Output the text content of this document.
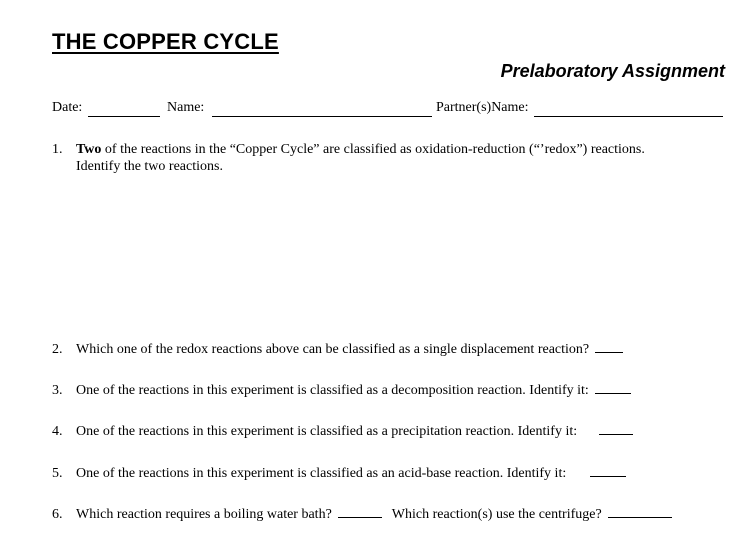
THE COPPER CYCLE
Prelaboratory Assignment
Date:	Name:	Partner(s)Name:
1. Two of the reactions in the “Copper Cycle” are classified as oxidation-reduction (“’redox”) reactions.
Identify the two reactions.
2. Which one of the redox reactions above can be classified as a single displacement reaction?
3. One of the reactions in this experiment is classified as a decomposition reaction. Identify it:
4. One of the reactions in this experiment is classified as a precipitation reaction. Identify it:
5. One of the reactions in this experiment is classified as an acid-base reaction. Identify it:
6. Which reaction requires a boiling water bath?	Which reaction(s) use the centrifuge?
